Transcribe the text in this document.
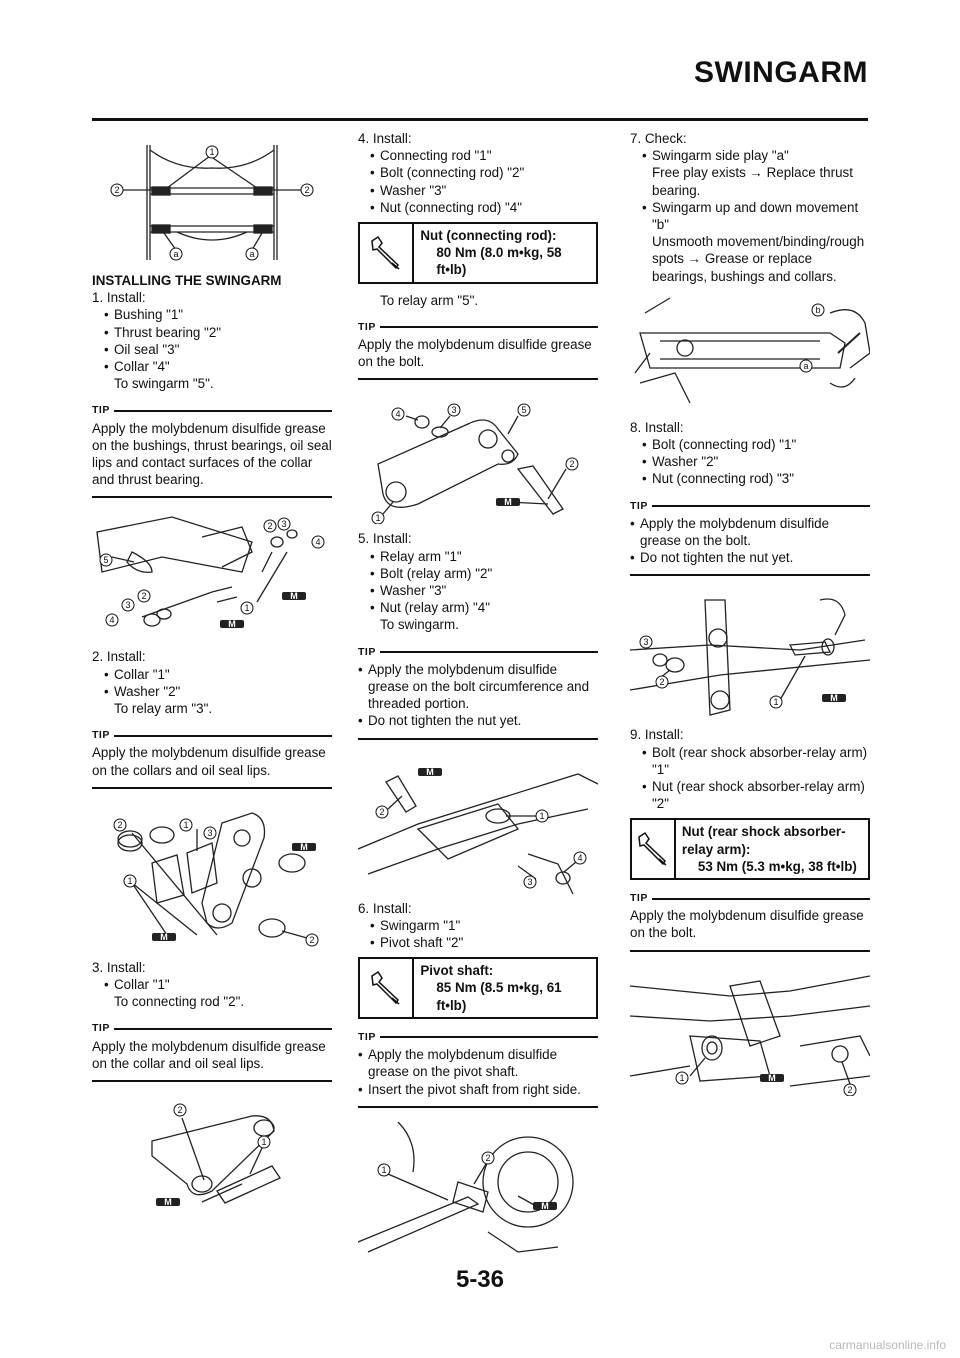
SWINGARM
1
2	2
a	a
INSTALLING THE SWINGARM
1. Install:
• Bushing "1"
• Thrust bearing "2"
• Oil seal "3"
• Collar "4"
To swingarm "5".
TIP
Apply the molybdenum disulfide grease on the bushings, thrust bearings, oil seal lips and contact surfaces of the collar and thrust bearing.
5
2 3
4
1
3
2
4
M
M
2. Install:
• Collar "1"
• Washer "2"
To relay arm "3".
TIP
Apply the molybdenum disulfide grease on the collars and oil seal lips.
2	1
3
1
2
M
M
3. Install:
• Collar "1"
To connecting rod "2".
TIP
Apply the molybdenum disulfide grease on the collar and oil seal lips.
2
1
M
4. Install:
• Connecting rod "1"
• Bolt (connecting rod) "2"
• Washer "3"
• Nut (connecting rod) "4"
Nut (connecting rod):
80 Nm (8.0 m•kg, 58 ft•lb)
To relay arm "5".
TIP
Apply the molybdenum disulfide grease on the bolt.
4	3	5
2
1
M
5. Install:
• Relay arm "1"
• Bolt (relay arm) "2"
• Washer "3"
• Nut (relay arm) "4"
To swingarm.
TIP
• Apply the molybdenum disulfide grease on the bolt circumference and threaded portion.
• Do not tighten the nut yet.
2	1
4
3
M
6. Install:
• Swingarm "1"
• Pivot shaft "2"
Pivot shaft:
85 Nm (8.5 m•kg, 61 ft•lb)
TIP
• Apply the molybdenum disulfide grease on the pivot shaft.
• Insert the pivot shaft from right side.
1
2
M
7. Check:
• Swingarm side play "a"
Free play exists → Replace thrust bearing.
• Swingarm up and down movement "b"
Unsmooth movement/binding/rough spots → Grease or replace bearings, bushings and collars.
b
a
8. Install:
• Bolt (connecting rod) "1"
• Washer "2"
• Nut (connecting rod) "3"
TIP
• Apply the molybdenum disulfide grease on the bolt.
• Do not tighten the nut yet.
3
2
1	M
9. Install:
• Bolt (rear shock absorber-relay arm) "1"
• Nut (rear shock absorber-relay arm) "2"
Nut (rear shock absorber-relay arm):
53 Nm (5.3 m•kg, 38 ft•lb)
TIP
Apply the molybdenum disulfide grease on the bolt.
1
2
M
5-36
carmanualsonline.info
